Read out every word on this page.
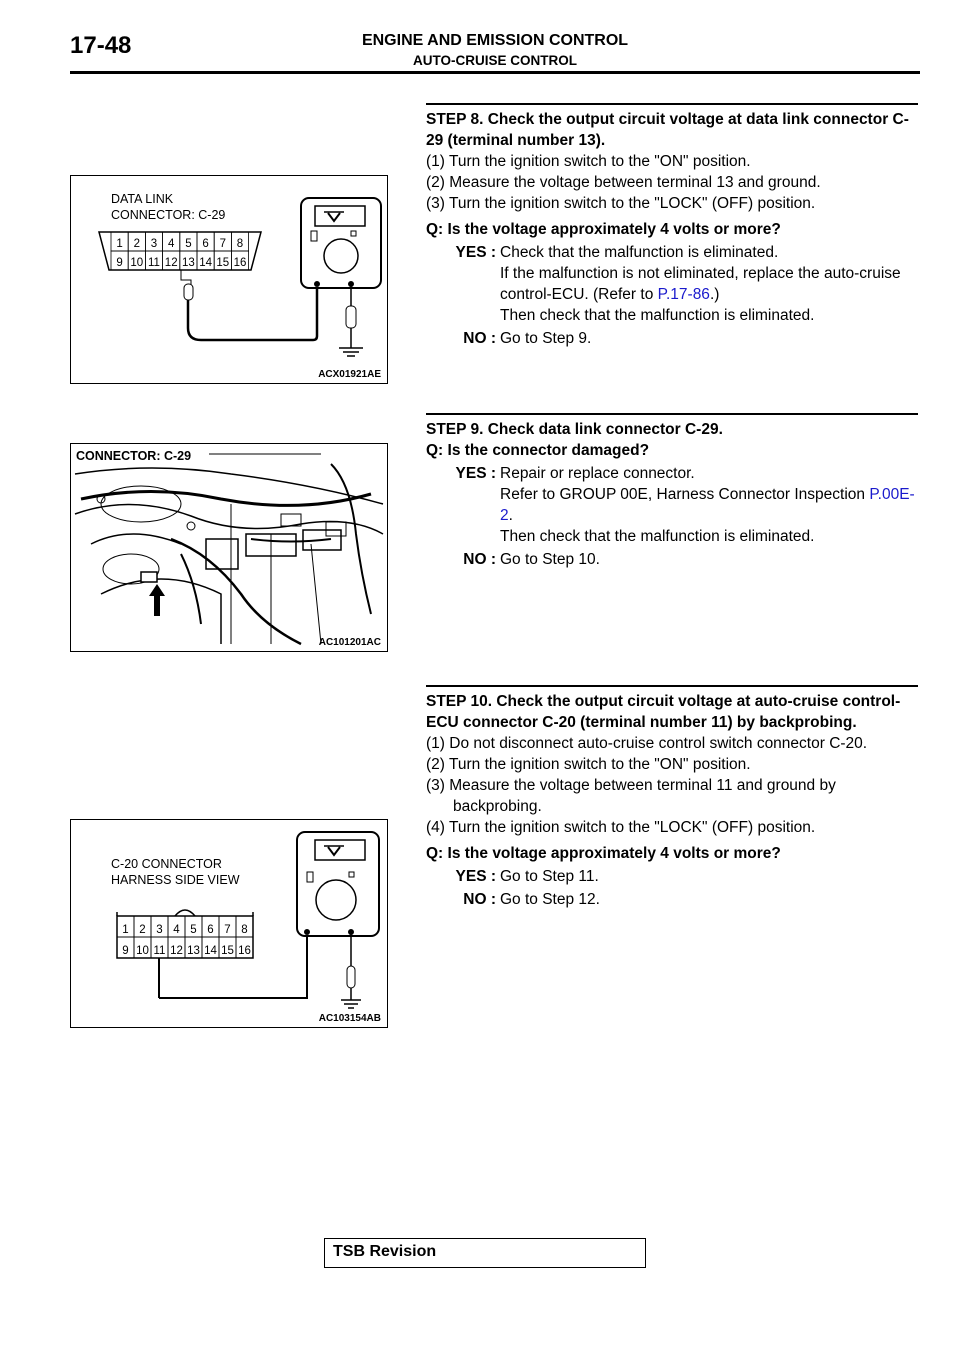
17-48	ENGINE AND EMISSION CONTROL
AUTO-CRUISE CONTROL
DATA LINK
CONNECTOR: C-29
1 2 3 4 5 6 7 8
9 10 11 12 13 14 15 16
ACX01921AE
CONNECTOR: C-29
AC101201AC
C-20 CONNECTOR
HARNESS SIDE VIEW
1 2 3 4 5 6 7 8
9 10 11 12 13 14 15 16
AC103154AB
STEP 8. Check the output circuit voltage at data link connector C-29 (terminal number 13).
(1) Turn the ignition switch to the "ON" position.
(2) Measure the voltage between terminal 13 and ground.
(3) Turn the ignition switch to the "LOCK" (OFF) position.
Q: Is the voltage approximately 4 volts or more?
YES : Check that the malfunction is eliminated.
If the malfunction is not eliminated, replace the auto-cruise control-ECU. (Refer to P.17-86.)
Then check that the malfunction is eliminated.
NO : Go to Step 9.
STEP 9. Check data link connector C-29.
Q: Is the connector damaged?
YES : Repair or replace connector.
Refer to GROUP 00E, Harness Connector Inspection P.00E-2.
Then check that the malfunction is eliminated.
NO : Go to Step 10.
STEP 10. Check the output circuit voltage at auto-cruise control-ECU connector C-20 (terminal number 11) by backprobing.
(1) Do not disconnect auto-cruise control switch connector C-20.
(2) Turn the ignition switch to the "ON" position.
(3) Measure the voltage between terminal 11 and ground by backprobing.
(4) Turn the ignition switch to the "LOCK" (OFF) position.
Q: Is the voltage approximately 4 volts or more?
YES : Go to Step 11.
NO : Go to Step 12.
TSB Revision
